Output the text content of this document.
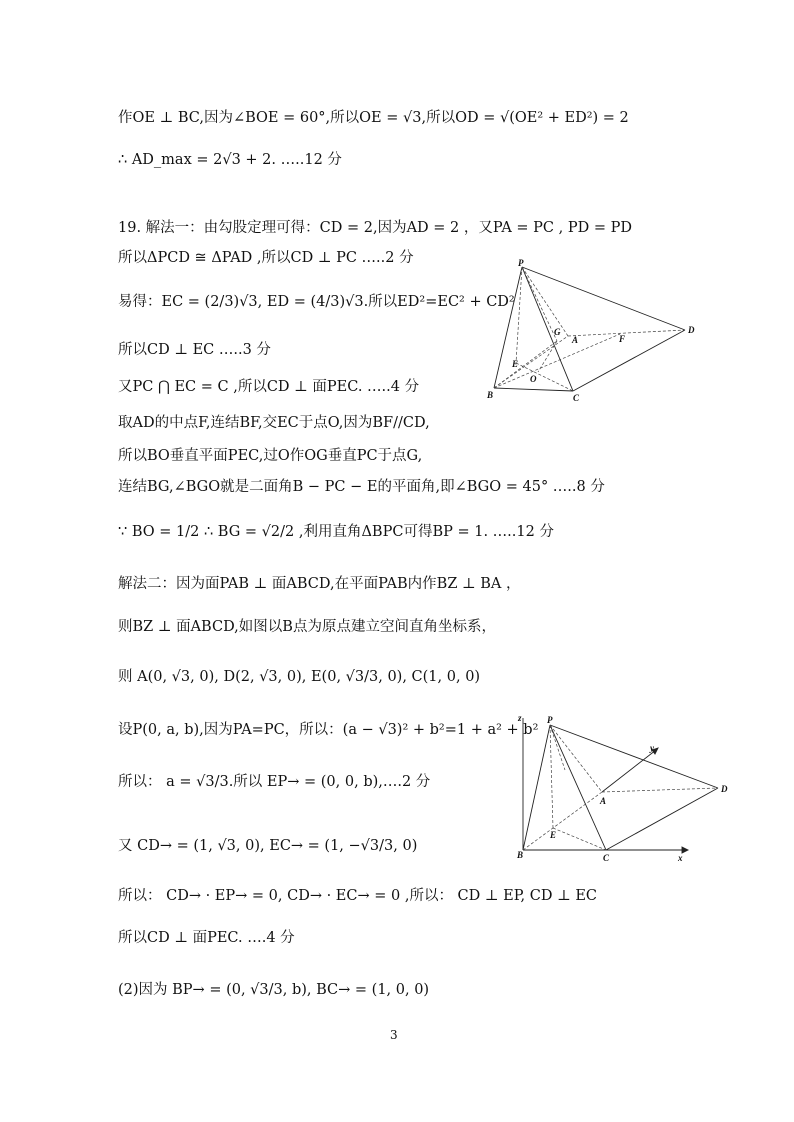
作OE ⊥ BC,因为∠BOE = 60°,所以OE = √3,所以OD = √(OE² + ED²) = 2
∴ AD_max = 2√3 + 2. …..12 分
19. 解法一：由勾股定理可得：CD = 2,因为AD = 2 ，又PA = PC , PD = PD
所以ΔPCD ≅ ΔPAD ,所以CD ⊥ PC …..2 分
易得：EC = (2/3)√3, ED = (4/3)√3.所以ED²=EC² + CD²
所以CD ⊥ EC …..3 分
又PC ⋂ EC = C ,所以CD ⊥ 面PEC. …..4 分
取AD的中点F,连结BF,交EC于点O,因为BF//CD,
所以BO垂直平面PEC,过O作OG垂直PC于点G,
连结BG,∠BGO就是二面角B − PC − E的平面角,即∠BGO = 45° …..8 分
∵ BO = 1/2 ∴ BG = √2/2 ,利用直角ΔBPC可得BP = 1. …..12 分
解法二：因为面PAB ⊥ 面ABCD,在平面PAB内作BZ ⊥ BA ，
则BZ ⊥ 面ABCD,如图以B点为原点建立空间直角坐标系，
则 A(0, √3, 0), D(2, √3, 0), E(0, √3/3, 0), C(1, 0, 0)
设P(0, a, b),因为PA=PC，所以：(a − √3)² + b²=1 + a² + b²
所以： a = √3/3.所以 EP→ = (0, 0, b),….2 分
又 CD→ = (1, √3, 0), EC→ = (1, −√3/3, 0)
所以： CD→ · EP→ = 0, CD→ · EC→ = 0 ,所以： CD ⊥ EP, CD ⊥ EC
所以CD ⊥ 面PEC. ….4 分
(2)因为 BP→ = (0, √3/3, b), BC→ = (1, 0, 0)
P
G
A	F
D
E
O
B	C
z	P
y
A
D
E
B	C	x
3
